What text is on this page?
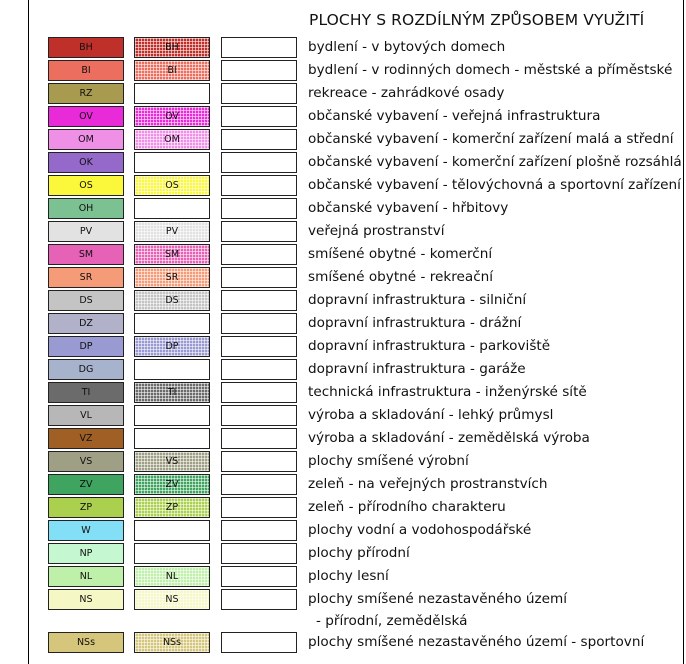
PLOCHY S ROZDÍLNÝM ZPŮSOBEM VYUŽITÍ
BH	BH	bydlení - v bytových domech
BI	BI	bydlení - v rodinných domech - městské a příměstské
RZ	rekreace - zahrádkové osady
OV	OV	občanské vybavení - veřejná infrastruktura
OM	OM	občanské vybavení - komerční zařízení malá a střední
OK	občanské vybavení - komerční zařízení plošně rozsáhlá
OS	OS	občanské vybavení - tělovýchovná a sportovní zařízení
OH	občanské vybavení - hřbitovy
PV	PV	veřejná prostranství
SM	SM	smíšené obytné - komerční
SR	SR	smíšené obytné - rekreační
DS	DS	dopravní infrastruktura - silniční
DZ	dopravní infrastruktura - drážní
DP	DP	dopravní infrastruktura - parkoviště
DG	dopravní infrastruktura - garáže
TI	TI	technická infrastruktura - inženýrské sítě
VL	výroba a skladování - lehký průmysl
VZ	výroba a skladování - zemědělská výroba
VS	VS	plochy smíšené výrobní
ZV	ZV	zeleň - na veřejných prostranstvích
ZP	ZP	zeleň - přírodního charakteru
W	plochy vodní a vodohospodářské
NP	plochy přírodní
NL	NL	plochy lesní
NS	NS	plochy smíšené nezastavěného území
- přírodní, zemědělská
NSs	NSs	plochy smíšené nezastavěného území - sportovní
